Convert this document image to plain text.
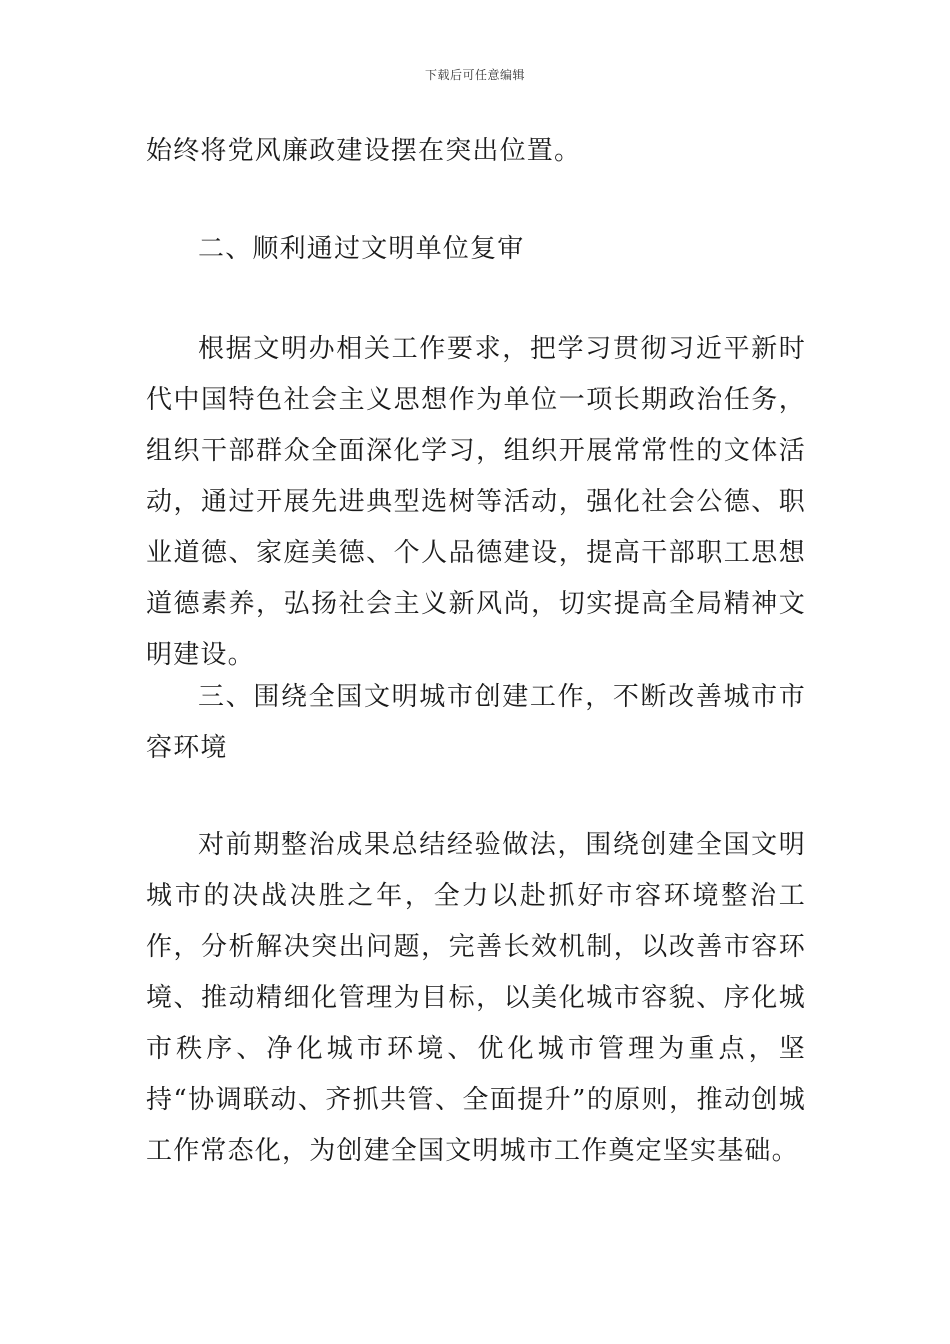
下载后可任意编辑

始终将党风廉政建设摆在突出位置。

二、顺利通过文明单位复审

根据文明办相关工作要求，把学习贯彻习近平新时代中国特色社会主义思想作为单位一项长期政治任务，组织干部群众全面深化学习，组织开展常常性的文体活动，通过开展先进典型选树等活动，强化社会公德、职业道德、家庭美德、个人品德建设，提高干部职工思想道德素养，弘扬社会主义新风尚，切实提高全局精神文明建设。

三、围绕全国文明城市创建工作，不断改善城市市容环境

对前期整治成果总结经验做法，围绕创建全国文明城市的决战决胜之年，全力以赴抓好市容环境整治工作，分析解决突出问题，完善长效机制，以改善市容环境、推动精细化管理为目标，以美化城市容貌、序化城市秩序、净化城市环境、优化城市管理为重点，坚持“协调联动、齐抓共管、全面提升”的原则，推动创城工作常态化，为创建全国文明城市工作奠定坚实基础。
